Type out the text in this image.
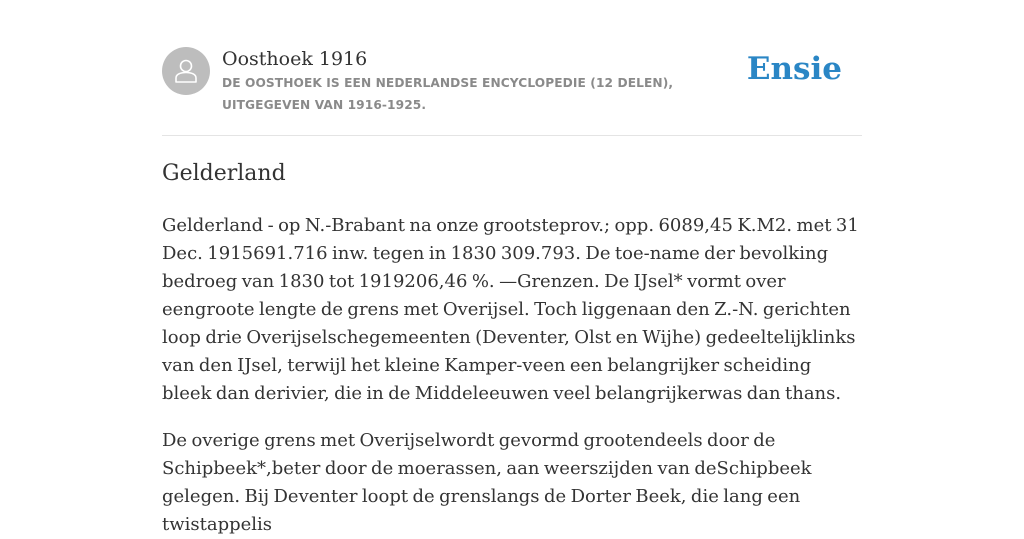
Oosthoek 1916
DE OOSTHOEK IS EEN NEDERLANDSE ENCYCLOPEDIE (12 DELEN), UITGEGEVEN VAN 1916-1925.
Ensie
Gelderland

Gelderland - op N.-Brabant na onze grootsteprov.; opp. 6089,45 K.M2. met 31 Dec. 1915691.716 inw. tegen in 1830 309.793. De toe-name der bevolking bedroeg van 1830 tot 1919206,46 %. —Grenzen. De IJsel* vormt over eengroote lengte de grens met Overijsel. Toch liggenaan den Z.-N. gerichten loop drie Overijselschegemeenten (Deventer, Olst en Wijhe) gedeeltelijklinks van den IJsel, terwijl het kleine Kamper-veen een belangrijker scheiding bleek dan derivier, die in de Middeleeuwen veel belangrijkerwas dan thans.

De overige grens met Overijselwordt gevormd grootendeels door de Schipbeek*,beter door de moerassen, aan weerszijden van deSchipbeek gelegen. Bij Deventer loopt de grenslangs de Dorter Beek, die lang een twistappelis
